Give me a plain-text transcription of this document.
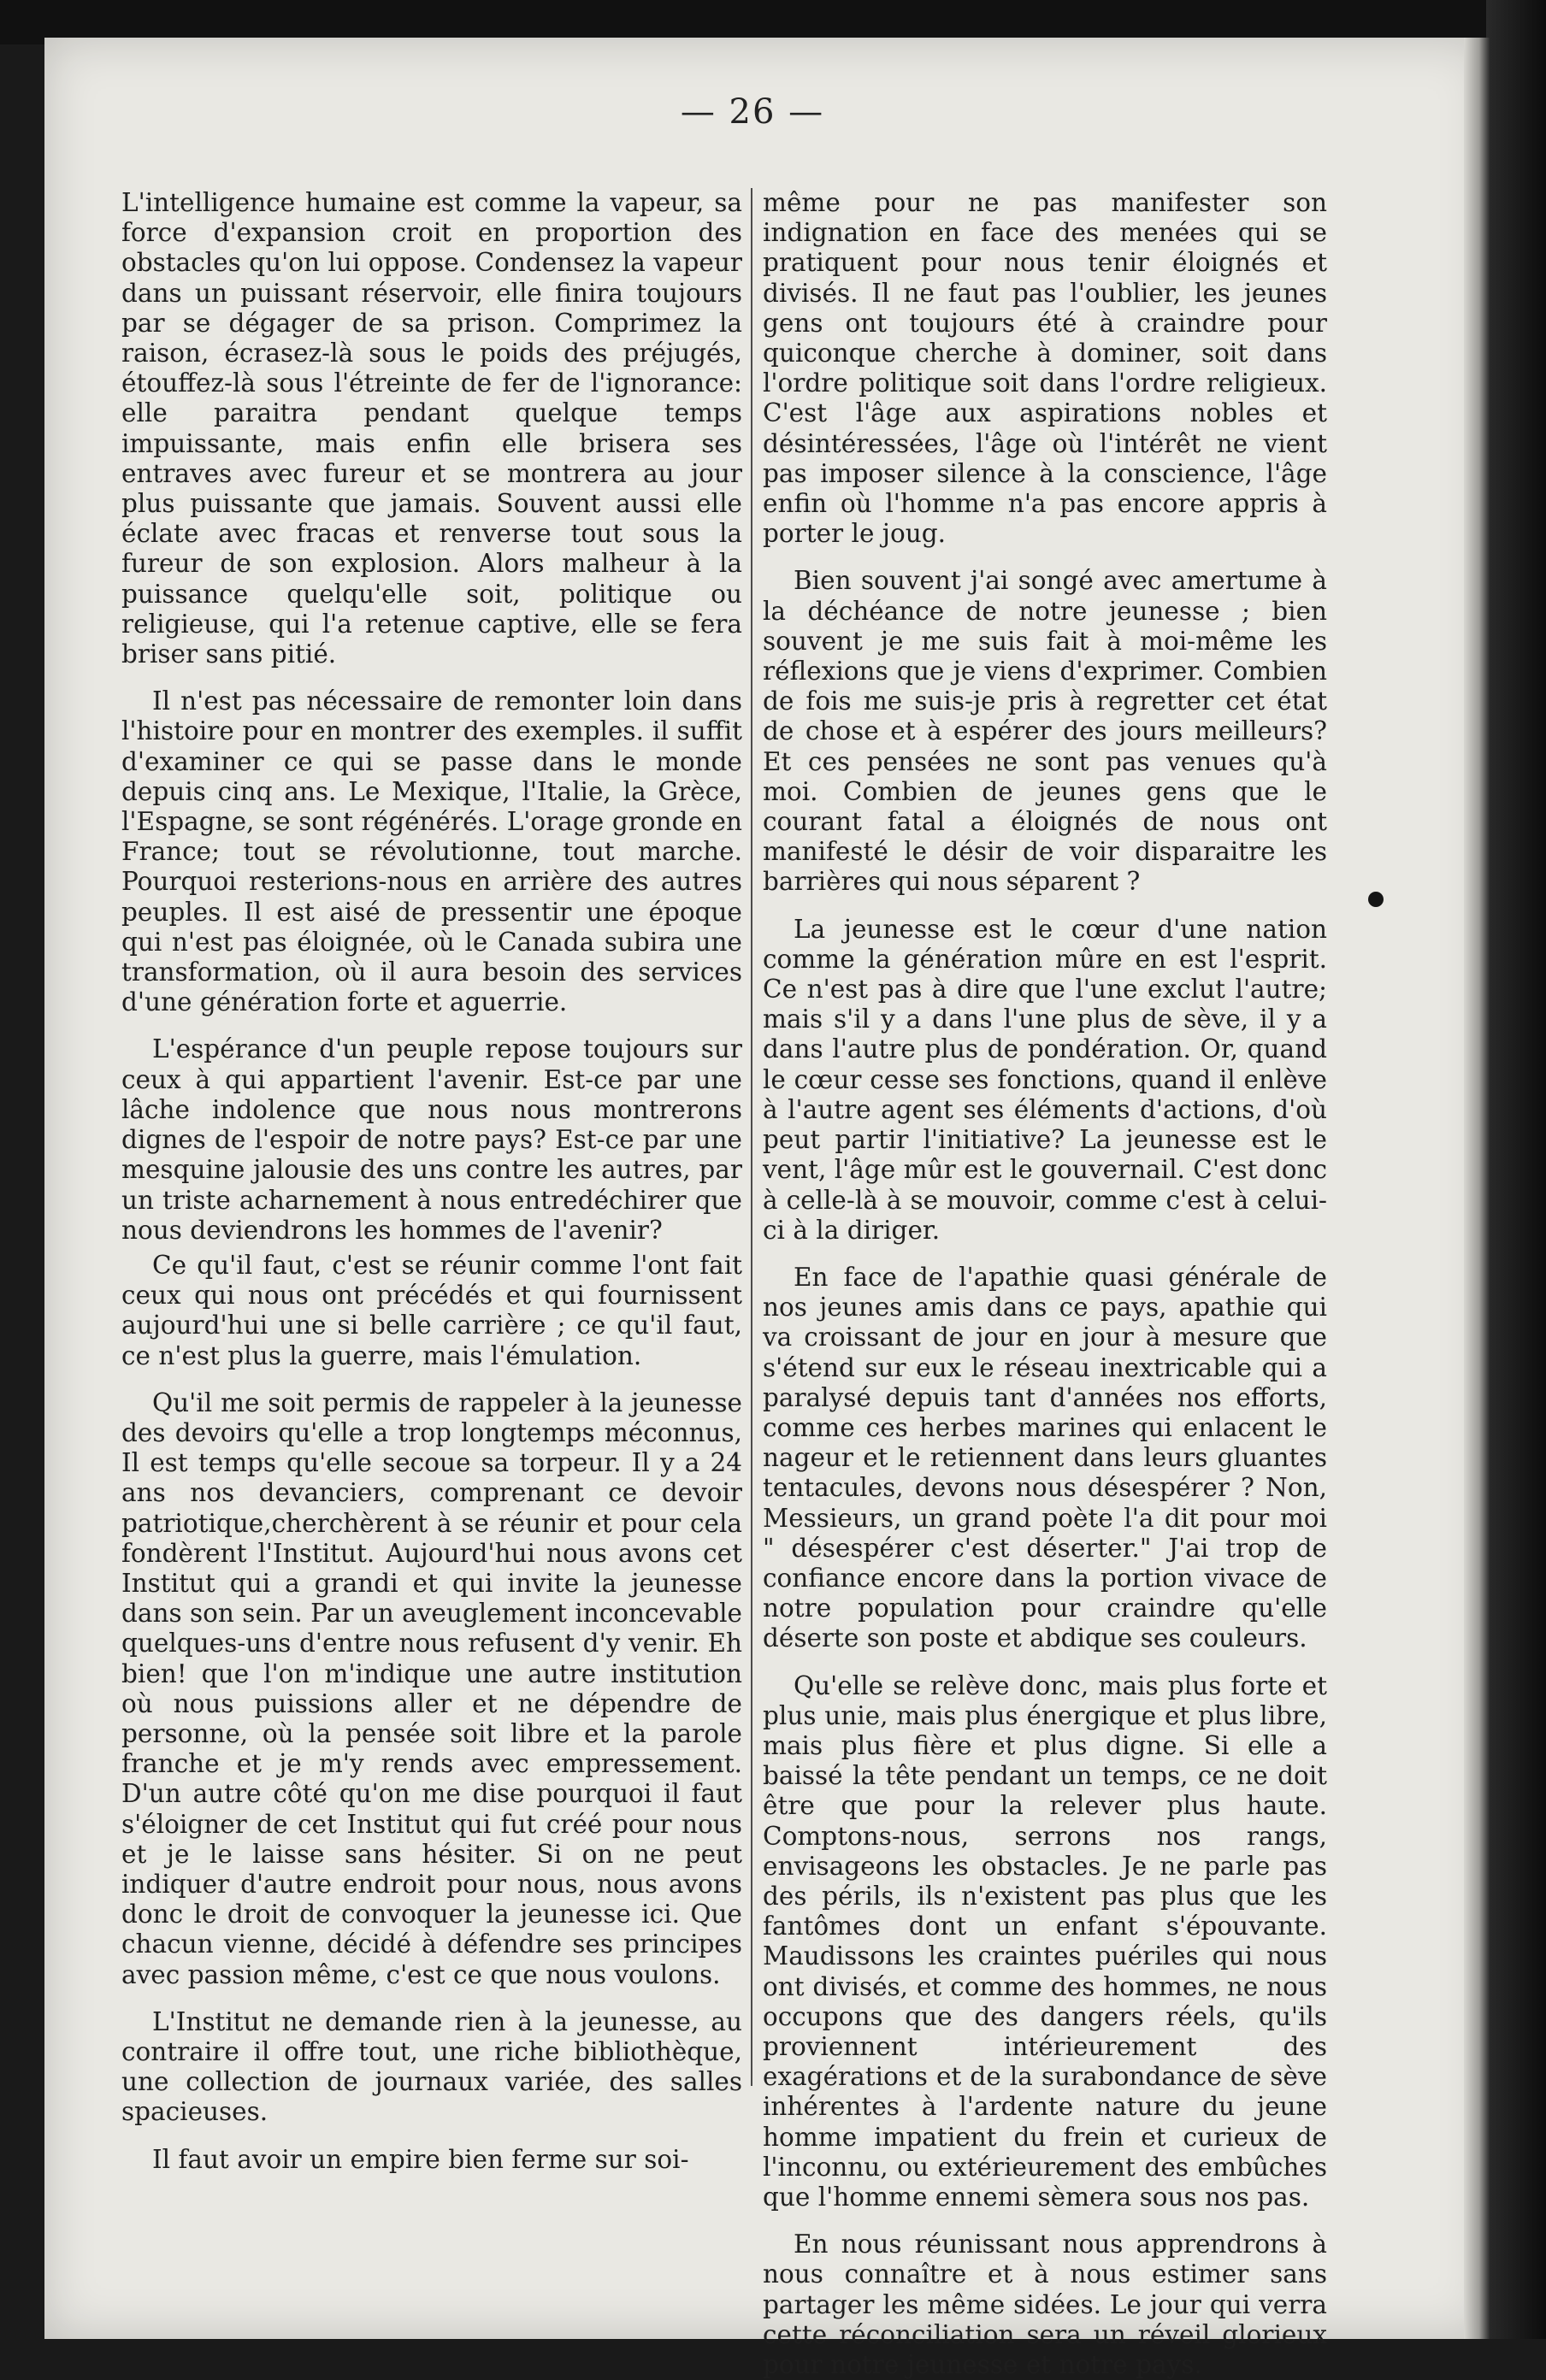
— 26 —

L'intelligence humaine est comme la vapeur, sa force d'expansion croit en proportion des obstacles qu'on lui oppose. Condensez la vapeur dans un puissant réservoir, elle finira toujours par se dégager de sa prison. Comprimez la raison, écrasez-là sous le poids des préjugés, étouffez-là sous l'étreinte de fer de l'ignorance: elle paraitra pendant quelque temps impuissante, mais enfin elle brisera ses entraves avec fureur et se montrera au jour plus puissante que jamais. Souvent aussi elle éclate avec fracas et renverse tout sous la fureur de son explosion. Alors malheur à la puissance quelqu'elle soit, politique ou religieuse, qui l'a retenue captive, elle se fera briser sans pitié.

Il n'est pas nécessaire de remonter loin dans l'histoire pour en montrer des exemples. il suffit d'examiner ce qui se passe dans le monde depuis cinq ans. Le Mexique, l'Italie, la Grèce, l'Espagne, se sont régénérés. L'orage gronde en France; tout se révolutionne, tout marche. Pourquoi resterions-nous en arrière des autres peuples. Il est aisé de pressentir une époque qui n'est pas éloignée, où le Canada subira une transformation, où il aura besoin des services d'une génération forte et aguerrie.

L'espérance d'un peuple repose toujours sur ceux à qui appartient l'avenir. Est-ce par une lâche indolence que nous nous montrerons dignes de l'espoir de notre pays? Est-ce par une mesquine jalousie des uns contre les autres, par un triste acharnement à nous entredéchirer que nous deviendrons les hommes de l'avenir?

Ce qu'il faut, c'est se réunir comme l'ont fait ceux qui nous ont précédés et qui fournissent aujourd'hui une si belle carrière ; ce qu'il faut, ce n'est plus la guerre, mais l'émulation.

Qu'il me soit permis de rappeler à la jeunesse des devoirs qu'elle a trop longtemps méconnus, Il est temps qu'elle secoue sa torpeur. Il y a 24 ans nos devanciers, comprenant ce devoir patriotique,cherchèrent à se réunir et pour cela fondèrent l'Institut. Aujourd'hui nous avons cet Institut qui a grandi et qui invite la jeunesse dans son sein. Par un aveuglement inconcevable quelques-uns d'entre nous refusent d'y venir. Eh bien! que l'on m'indique une autre institution où nous puissions aller et ne dépendre de personne, où la pensée soit libre et la parole franche et je m'y rends avec empressement. D'un autre côté qu'on me dise pourquoi il faut s'éloigner de cet Institut qui fut créé pour nous et je le laisse sans hésiter. Si on ne peut indiquer d'autre endroit pour nous, nous avons donc le droit de convoquer la jeunesse ici. Que chacun vienne, décidé à défendre ses principes avec passion même, c'est ce que nous voulons.

L'Institut ne demande rien à la jeunesse, au contraire il offre tout, une riche bibliothèque, une collection de journaux variée, des salles spacieuses.

Il faut avoir un empire bien ferme sur soi-

même pour ne pas manifester son indignation en face des menées qui se pratiquent pour nous tenir éloignés et divisés. Il ne faut pas l'oublier, les jeunes gens ont toujours été à craindre pour quiconque cherche à dominer, soit dans l'ordre politique soit dans l'ordre religieux. C'est l'âge aux aspirations nobles et désintéressées, l'âge où l'intérêt ne vient pas imposer silence à la conscience, l'âge enfin où l'homme n'a pas encore appris à porter le joug.

Bien souvent j'ai songé avec amertume à la déchéance de notre jeunesse ; bien souvent je me suis fait à moi-même les réflexions que je viens d'exprimer. Combien de fois me suis-je pris à regretter cet état de chose et à espérer des jours meilleurs? Et ces pensées ne sont pas venues qu'à moi. Combien de jeunes gens que le courant fatal a éloignés de nous ont manifesté le désir de voir disparaitre les barrières qui nous séparent ?

La jeunesse est le cœur d'une nation comme la génération mûre en est l'esprit. Ce n'est pas à dire que l'une exclut l'autre; mais s'il y a dans l'une plus de sève, il y a dans l'autre plus de pondération. Or, quand le cœur cesse ses fonctions, quand il enlève à l'autre agent ses éléments d'actions, d'où peut partir l'initiative? La jeunesse est le vent, l'âge mûr est le gouvernail. C'est donc à celle-là à se mouvoir, comme c'est à celui-ci à la diriger.

En face de l'apathie quasi générale de nos jeunes amis dans ce pays, apathie qui va croissant de jour en jour à mesure que s'étend sur eux le réseau inextricable qui a paralysé depuis tant d'années nos efforts, comme ces herbes marines qui enlacent le nageur et le retiennent dans leurs gluantes tentacules, devons nous désespérer ? Non, Messieurs, un grand poète l'a dit pour moi " désespérer c'est déserter." J'ai trop de confiance encore dans la portion vivace de notre population pour craindre qu'elle déserte son poste et abdique ses couleurs.

Qu'elle se relève donc, mais plus forte et plus unie, mais plus énergique et plus libre, mais plus fière et plus digne. Si elle a baissé la tête pendant un temps, ce ne doit être que pour la relever plus haute. Comptons-nous, serrons nos rangs, envisageons les obstacles. Je ne parle pas des périls, ils n'existent pas plus que les fantômes dont un enfant s'épouvante. Maudissons les craintes puériles qui nous ont divisés, et comme des hommes, ne nous occupons que des dangers réels, qu'ils proviennent intérieurement des exagérations et de la surabondance de sève inhérentes à l'ardente nature du jeune homme impatient du frein et curieux de l'inconnu, ou extérieurement des embûches que l'homme ennemi sèmera sous nos pas.

En nous réunissant nous apprendrons à nous connaître et à nous estimer sans partager les même sidées. Le jour qui verra cette réconciliation sera un réveil glorieux pour notre jeunesse et notre pays.
